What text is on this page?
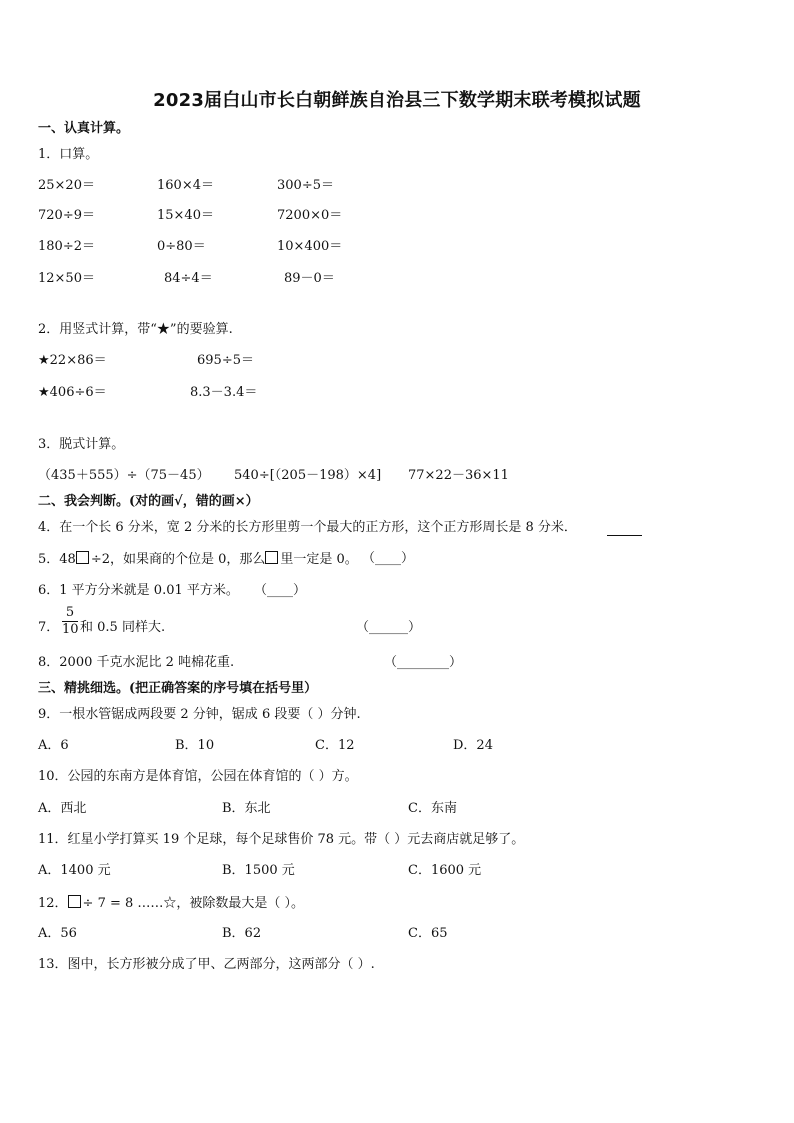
2023届白山市长白朝鲜族自治县三下数学期末联考模拟试题
一、认真计算。
1．口算。
25×20＝	160×4＝	300÷5＝
720÷9＝	15×40＝	7200×0＝
180÷2＝	0÷80＝	10×400＝
12×50＝	84÷4＝	89－0＝
2．用竖式计算，带“★”的要验算.
★22×86＝	695÷5＝
★406÷6＝	8.3－3.4＝
3．脱式计算。
（435＋555）÷（75－45） 540÷[（205－198）×4] 77×22－36×11
二、我会判断。(对的画√，错的画×）
4．在一个长 6 分米，宽 2 分米的长方形里剪一个最大的正方形，这个正方形周长是 8 分米．
5．48 ÷2，如果商的个位是 0，那么 里一定是 0。 （____）
6．1 平方分米就是 0.01 平方米。 （____）
7．
5
10 和 0.5 同样大.	（______）
8．2000 千克水泥比 2 吨棉花重.	（________）
三、精挑细选。(把正确答案的序号填在括号里）
9．一根水管锯成两段要 2 分钟，锯成 6 段要（ ）分钟.
A．6	B．10	C．12	D．24
10．公园的东南方是体育馆，公园在体育馆的（ ）方。
A．西北	B．东北	C．东南
11．红星小学打算买 19 个足球，每个足球售价 78 元。带（ ）元去商店就足够了。
A．1400 元	B．1500 元	C．1600 元
12． ÷ 7 = 8 ……☆，被除数最大是（ ）。
A．56	B．62	C．65
13．图中，长方形被分成了甲、乙两部分，这两部分（ ）.
